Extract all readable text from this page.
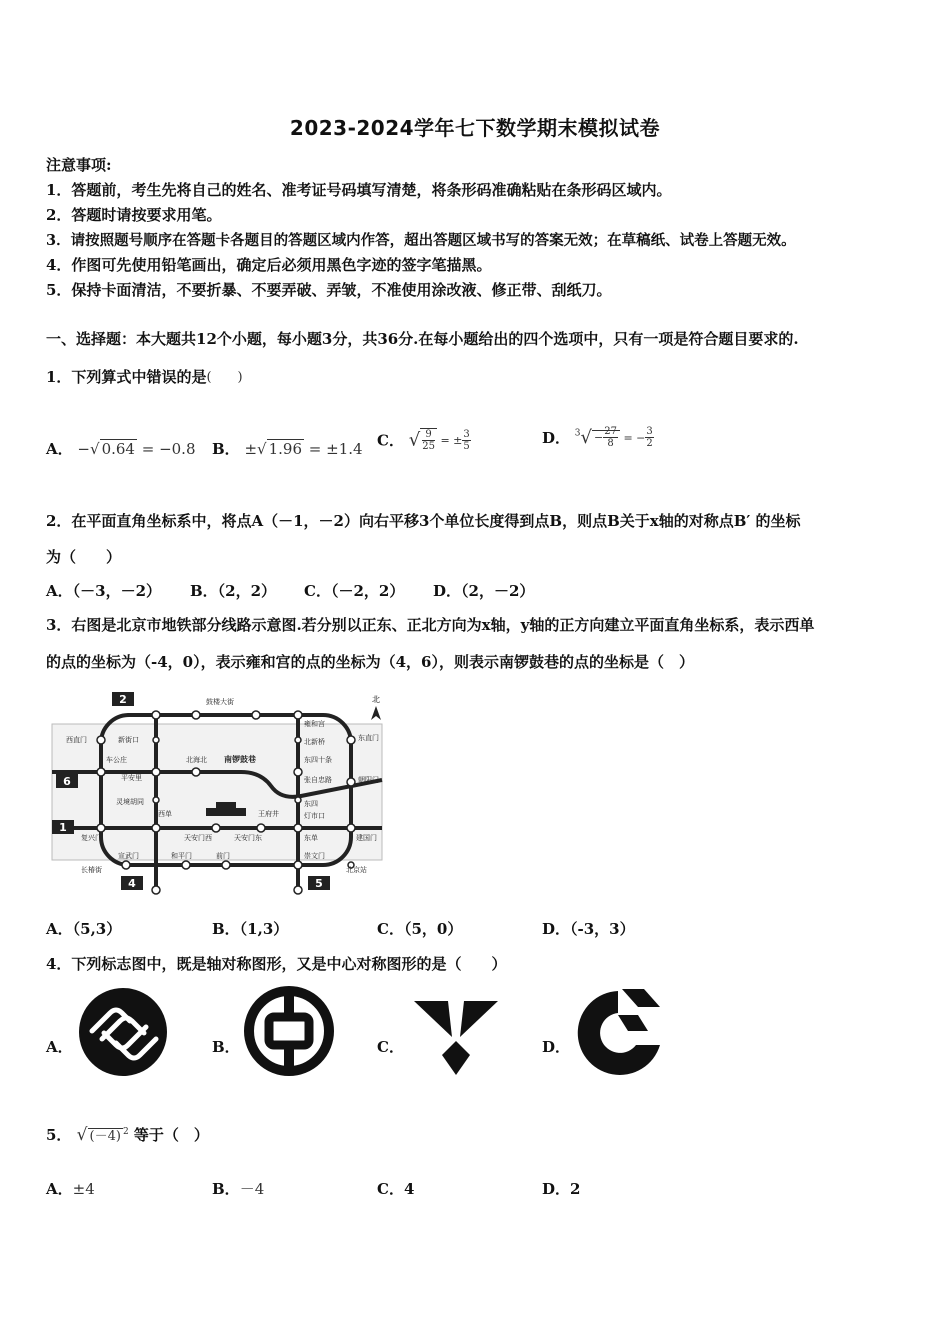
2023-2024学年七下数学期末模拟试卷
注意事项:
1．答题前，考生先将自己的姓名、准考证号码填写清楚，将条形码准确粘贴在条形码区域内。
2．答题时请按要求用笔。
3．请按照题号顺序在答题卡各题目的答题区域内作答，超出答题区域书写的答案无效；在草稿纸、试卷上答题无效。
4．作图可先使用铅笔画出，确定后必须用黑色字迹的签字笔描黑。
5．保持卡面清洁，不要折暴、不要弄破、弄皱，不准使用涂改液、修正带、刮纸刀。
一、选择题：本大题共12个小题，每小题3分，共36分.在每小题给出的四个选项中，只有一项是符合题目要求的.
1．下列算式中错误的是(　　)
A． −√ 0.64 = −0.8 B． ±√ 1.96 = ±1.4 C． √ $\frac{9}{25}$ = ± $\frac{3}{5}$	D． $^3√ - \frac{27}{8}$ = − $\frac{3}{2}$
2．在平面直角坐标系中，将点A（－1，－2）向右平移3个单位长度得到点B，则点B关于x轴的对称点B′ 的坐标
为（　　）
A．（－3，－2） B．（2，2） C．（－2，2） D．（2，－2）
3．右图是北京市地铁部分线路示意图.若分别以正东、正北方向为x轴，y轴的正方向建立平面直角坐标系，表示西单
的点的坐标为（-4，0），表示雍和宫的点的坐标为（4，6），则表示南锣鼓巷的点的坐标是（　）
2
6
1
4	5
北
鼓楼大街
雍和宫
东直门
西直门	新街口	北新桥
车公庄	北海北 南锣鼓巷	东四十条
平安里	张自忠路	朝阳门
灵境胡同	东四
西单
天安门西	天安门东
王府井	灯市口
复兴门	东单	建国门
宣武门	和平门	前门	崇文门
长椿街	北京站
A．（5,3）	B．（1,3）	C．（5，0）	D．（-3，3）
4．下列标志图中，既是轴对称图形，又是中心对称图形的是（　　）
A．	B．	C．	D．
5． √ (－4) $^2$ 等于（　）
A．±4	B．－4	C．4	D．2
